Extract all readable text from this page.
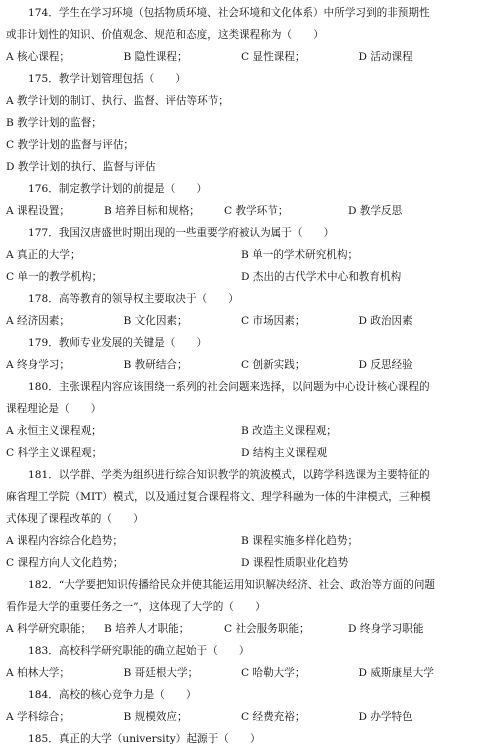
174．学生在学习环境（包括物质环境、社会环境和文化体系）中所学习到的非预期性
或非计划性的知识、价值观念、规范和态度，这类课程称为（　　）
A 核心课程；	B 隐性课程；	C 显性课程；	D 活动课程
175．教学计划管理包括（　　）
A 教学计划的制订、执行、监督、评估等环节；
B 教学计划的监督；
C 教学计划的监督与评估；
D 教学计划的执行、监督与评估
176．制定教学计划的前提是（　　）
A 课程设置；	B 培养目标和规格；	C 教学环节；	D 教学反思
177．我国汉唐盛世时期出现的一些重要学府被认为属于（　　）
A 真正的大学；	B 单一的学术研究机构；
C 单一的教学机构；	D 杰出的古代学术中心和教育机构
178．高等教育的领导权主要取决于（　　）
A 经济因素；	B 文化因素；	C 市场因素；	D 政治因素
179．教师专业发展的关键是（　　）
A 终身学习；	B 教研结合；	C 创新实践；	D 反思经验
180．主张课程内容应该围绕一系列的社会问题来选择，以问题为中心设计核心课程的
课程理论是（　　）
A 永恒主义课程观；	B 改造主义课程观；
C 科学主义课程观；	D 结构主义课程观
181．以学群、学类为组织进行综合知识教学的筑波模式，以跨学科选课为主要特征的
麻省理工学院（MIT）模式，以及通过复合课程将文、理学科融为一体的牛津模式，三种模
式体现了课程改革的（　　）
A 课程内容综合化趋势；	B 课程实施多样化趋势；
C 课程方向人文化趋势；	D 课程性质职业化趋势
182．“大学要把知识传播给民众并使其能运用知识解决经济、社会、政治等方面的问题
看作是大学的重要任务之一”，这体现了大学的（　　）
A 科学研究职能；	B 培养人才职能；	C 社会服务职能；	D 终身学习职能
183．高校科学研究职能的确立起始于（　　）
A 柏林大学；	B 哥廷根大学；	C 哈勒大学；	D 威斯康星大学
184．高校的核心竞争力是（　　）
A 学科综合；	B 规模效应；	C 经费充裕；	D 办学特色
185．真正的大学（university）起源于（　　）
